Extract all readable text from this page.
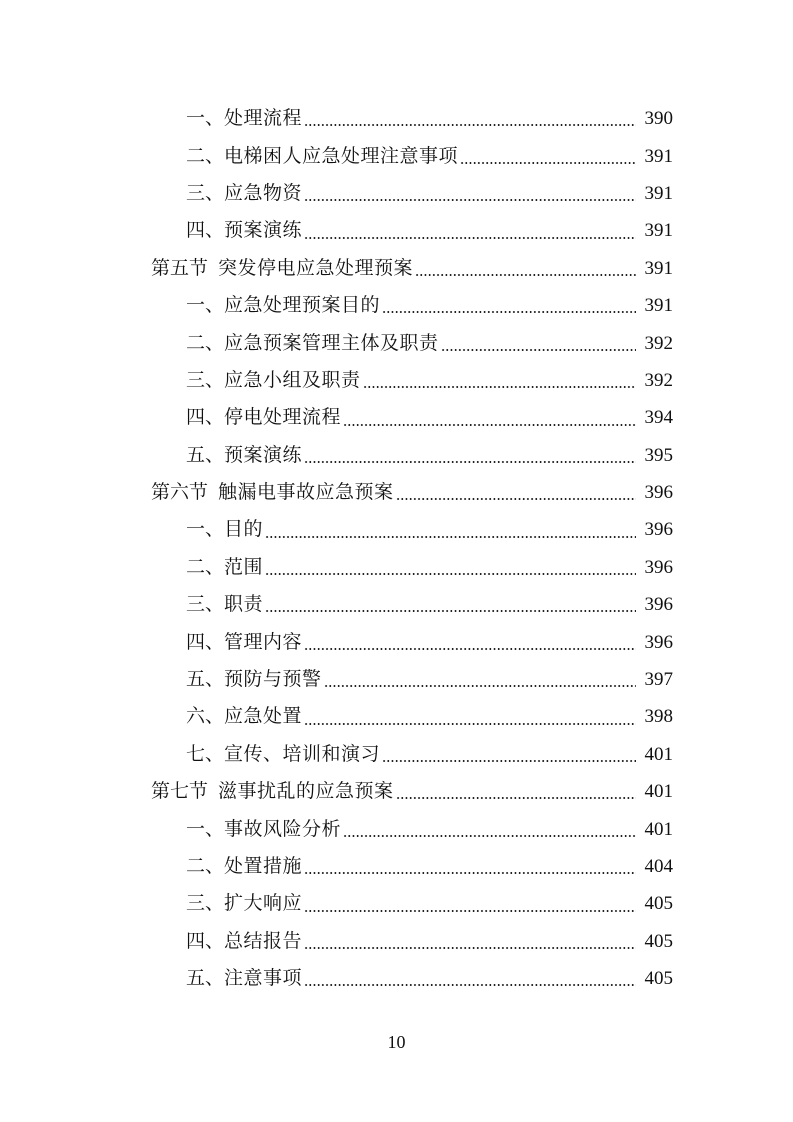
一 、 处理流程	390
二 、 电梯困人应急处理注意事项	391
三 、 应急物资	391
四 、 预案演练	391
第五节 突发停电应急处理预案	391
一 、 应急处理预案目的	391
二 、 应急预案管理主体及职责	392
三 、 应急小组及职责	392
四 、 停电处理流程	394
五 、 预案演练	395
第六节 触漏电事故应急预案	396
一 、 目的	396
二 、 范围	396
三 、 职责	396
四 、 管理内容	396
五 、 预防与预警	397
六 、 应急处置	398
七 、 宣传、培训和演习	401
第七节 滋事扰乱的应急预案	401
一 、 事故风险分析	401
二 、 处置措施	404
三 、 扩大响应	405
四 、 总结报告	405
五 、 注意事项	405
10
